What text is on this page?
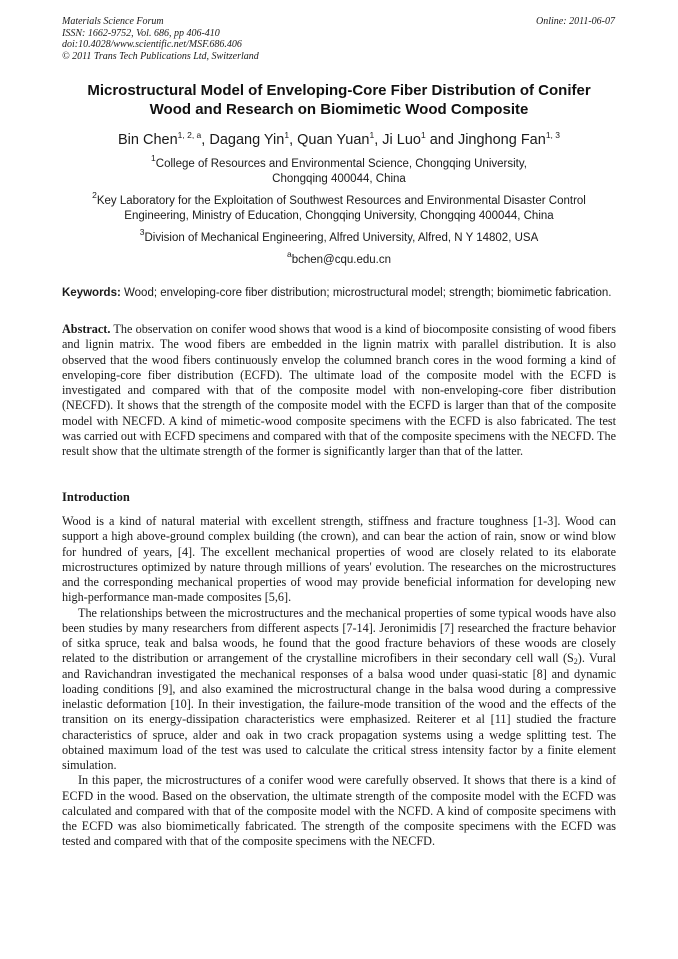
Materials Science Forum
ISSN: 1662-9752, Vol. 686, pp 406-410
doi:10.4028/www.scientific.net/MSF.686.406
© 2011 Trans Tech Publications Ltd, Switzerland
Online: 2011-06-07
Microstructural Model of Enveloping-Core Fiber Distribution of Conifer
Wood and Research on Biomimetic Wood Composite
Bin Chen$^{1, 2, a}$, Dagang Yin$^1$, Quan Yuan$^1$, Ji Luo$^1$ and Jinghong Fan$^{1, 3}$
$^1$College of Resources and Environmental Science, Chongqing University,
Chongqing 400044, China
$^2$Key Laboratory for the Exploitation of Southwest Resources and Environmental Disaster Control
Engineering, Ministry of Education, Chongqing University, Chongqing 400044, China
$^3$Division of Mechanical Engineering, Alfred University, Alfred, N Y 14802, USA
$^a$bchen@cqu.edu.cn
Keywords: Wood; enveloping-core fiber distribution; microstructural model; strength; biomimetic fabrication.

Abstract. The observation on conifer wood shows that wood is a kind of biocomposite consisting of wood fibers and lignin matrix. The wood fibers are embedded in the lignin matrix with parallel distribution. It is also observed that the wood fibers continuously envelop the columned branch cores in the wood forming a kind of enveloping-core fiber distribution (ECFD). The ultimate load of the composite model with the ECFD is investigated and compared with that of the composite model with non-enveloping-core fiber distribution (NECFD). It shows that the strength of the composite model with the ECFD is larger than that of the composite model with NECFD. A kind of mimetic-wood composite specimens with the ECFD is also fabricated. The test was carried out with ECFD specimens and compared with that of the composite specimens with the NECFD. The result show that the ultimate strength of the former is significantly larger than that of the latter.

Introduction

Wood is a kind of natural material with excellent strength, stiffness and fracture toughness [1-3]. Wood can support a high above-ground complex building (the crown), and can bear the action of rain, snow or wind blow for hundred of years, [4]. The excellent mechanical properties of wood are closely related to its elaborate microstructures optimized by nature through millions of years' evolution. The researches on the microstructures and the corresponding mechanical properties of wood may provide beneficial information for developing new high-performance man-made composites [5,6].

The relationships between the microstructures and the mechanical properties of some typical woods have also been studies by many researchers from different aspects [7-14]. Jeronimidis [7] researched the fracture behavior of sitka spruce, teak and balsa woods, he found that the good fracture behaviors of these woods are closely related to the distribution or arrangement of the crystalline microfibers in their secondary cell wall $(S_2)$. Vural and Ravichandran investigated the mechanical responses of a balsa wood under quasi-static [8] and dynamic loading conditions [9], and also examined the microstructural change in the balsa wood during a compressive inelastic deformation [10]. In their investigation, the failure-mode transition of the wood and the effects of the transition on its energy-dissipation characteristics were emphasized. Reiterer et al [11] studied the fracture characteristics of spruce, alder and oak in two crack propagation systems using a wedge splitting test. The obtained maximum load of the test was used to calculate the critical stress intensity factor by a finite element simulation.

In this paper, the microstructures of a conifer wood were carefully observed. It shows that there is a kind of ECFD in the wood. Based on the observation, the ultimate strength of the composite model with the ECFD was calculated and compared with that of the composite model with the NCFD. A kind of composite specimens with the ECFD was also biomimetically fabricated. The strength of the composite specimens with the ECFD was tested and compared with that of the composite specimens with the NECFD.
